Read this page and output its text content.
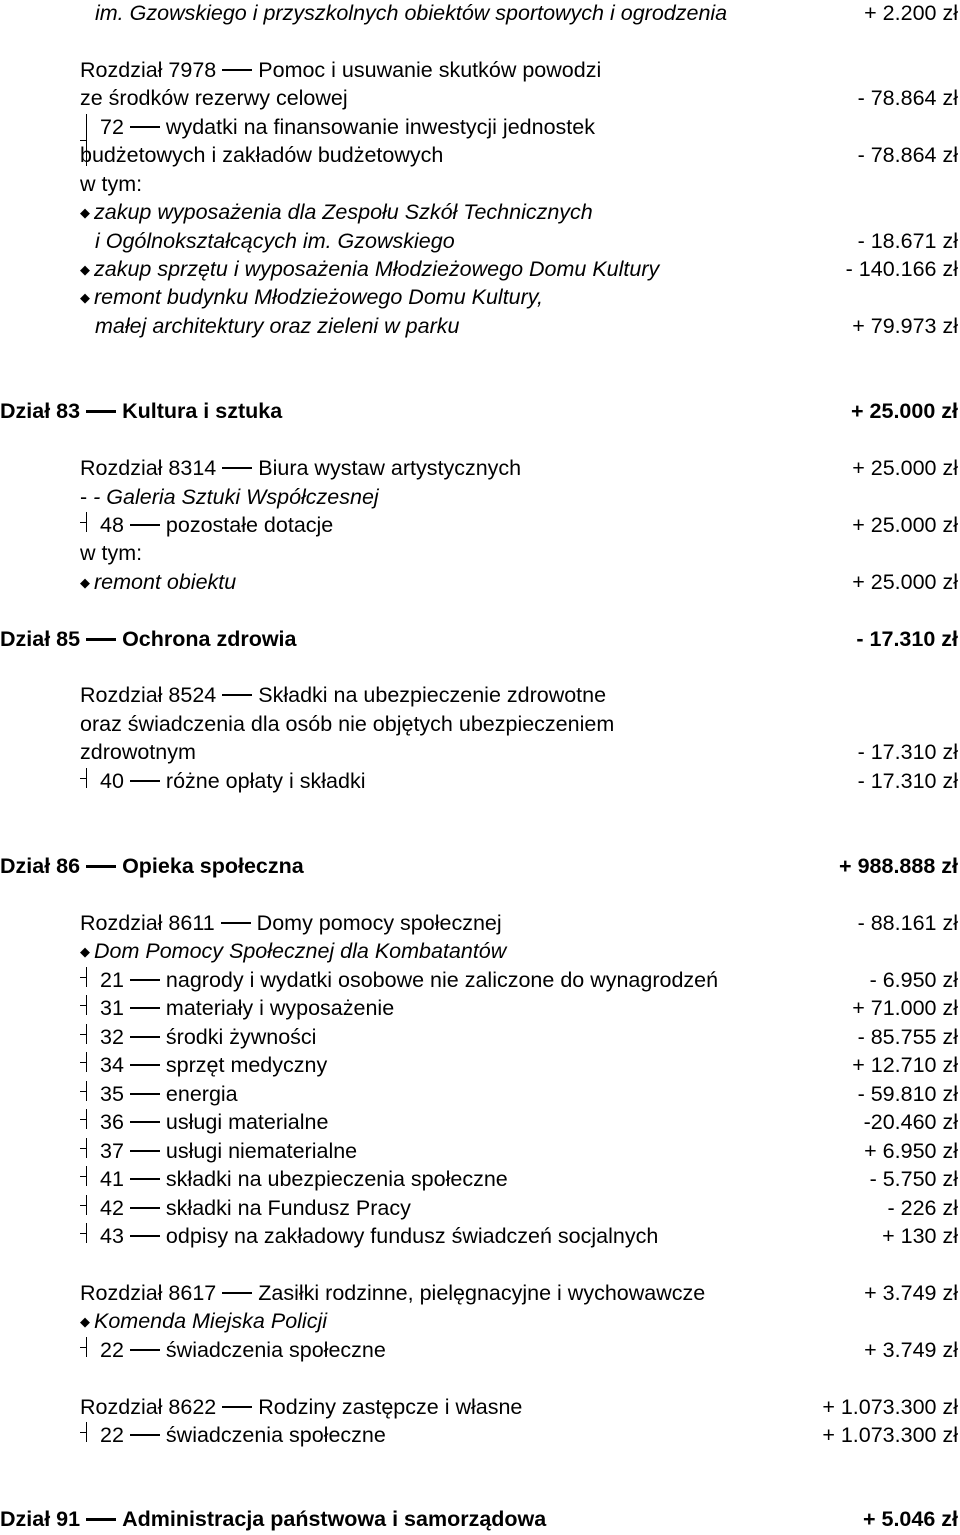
im. Gzowskiego i przyszkolnych obiektów sportowych i ogrodzenia	+ 2.200 zł
Rozdział 7978 Pomoc i usuwanie skutków powodzi
ze środków rezerwy celowej	- 78.864 zł
72 wydatki na finansowanie inwestycji jednostek
budżetowych i zakładów budżetowych	- 78.864 zł
w tym:
◆ zakup wyposażenia dla Zespołu Szkół Technicznych
i Ogólnokształcących im. Gzowskiego	- 18.671 zł
◆ zakup sprzętu i wyposażenia Młodzieżowego Domu Kultury	- 140.166 zł
◆ remont budynku Młodzieżowego Domu Kultury,
małej architektury oraz zieleni w parku	+ 79.973 zł
Dział 83 Kultura i sztuka	+ 25.000 zł
Rozdział 8314 Biura wystaw artystycznych	+ 25.000 zł
- - Galeria Sztuki Współczesnej
48 pozostałe dotacje	+ 25.000 zł
w tym:
◆ remont obiektu	+ 25.000 zł
Dział 85 Ochrona zdrowia	- 17.310 zł
Rozdział 8524 Składki na ubezpieczenie zdrowotne
oraz świadczenia dla osób nie objętych ubezpieczeniem
zdrowotnym	- 17.310 zł
40 różne opłaty i składki	- 17.310 zł
Dział 86 Opieka społeczna	+ 988.888 zł
Rozdział 8611 Domy pomocy społecznej	- 88.161 zł
◆ Dom Pomocy Społecznej dla Kombatantów
21 nagrody i wydatki osobowe nie zaliczone do wynagrodzeń	- 6.950 zł
31 materiały i wyposażenie	+ 71.000 zł
32 środki żywności	- 85.755 zł
34 sprzęt medyczny	+ 12.710 zł
35 energia	- 59.810 zł
36 usługi materialne	-20.460 zł
37 usługi niematerialne	+ 6.950 zł
41 składki na ubezpieczenia społeczne	- 5.750 zł
42 składki na Fundusz Pracy	- 226 zł
43 odpisy na zakładowy fundusz świadczeń socjalnych	+ 130 zł
Rozdział 8617 Zasiłki rodzinne, pielęgnacyjne i wychowawcze	+ 3.749 zł
◆ Komenda Miejska Policji
22 świadczenia społeczne	+ 3.749 zł
Rozdział 8622 Rodziny zastępcze i własne	+ 1.073.300 zł
22 świadczenia społeczne	+ 1.073.300 zł
Dział 91 Administracja państwowa i samorządowa	+ 5.046 zł
